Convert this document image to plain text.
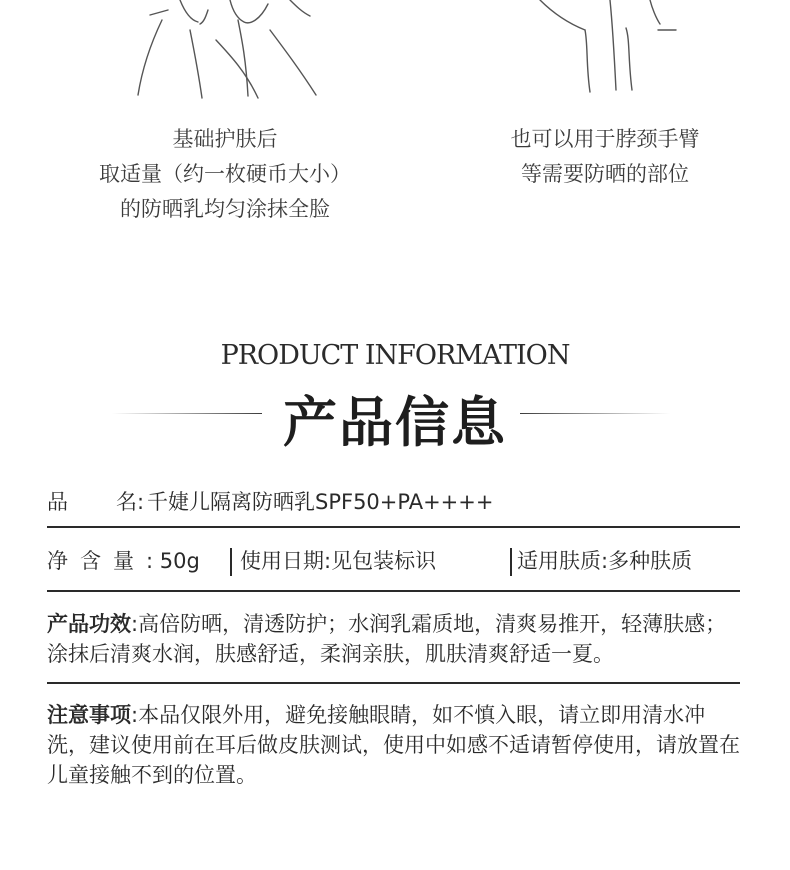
基础护肤后
取适量（约一枚硬币大小）
的防晒乳均匀涂抹全脸
也可以用于脖颈手臂
等需要防晒的部位
PRODUCT INFORMATION
产品信息
品 名: 千婕儿隔离防晒乳SPF50+PA++++
净含量: 50g 使用日期:见包装标识	适用肤质:多种肤质
产品功效:高倍防晒，清透防护；水润乳霜质地，清爽易推开，轻薄肤感；涂抹后清爽水润，肤感舒适，柔润亲肤，肌肤清爽舒适一夏。
注意事项:本品仅限外用，避免接触眼睛，如不慎入眼，请立即用清水冲洗，建议使用前在耳后做皮肤测试，使用中如感不适请暂停使用，请放置在儿童接触不到的位置。
